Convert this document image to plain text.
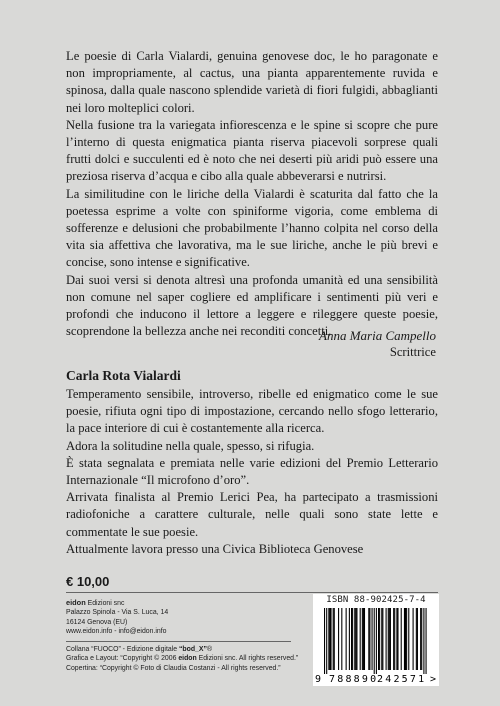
Le poesie di Carla Vialardi, genuina genovese doc, le ho paragonate e non impropriamente, al cactus, una pianta apparentemente ruvida e spinosa, dalla quale nascono splendide varietà di fiori fulgidi, abbaglianti nei loro molteplici colori.

Nella fusione tra la variegata infiorescenza e le spine si scopre che pure l’interno di questa enigmatica pianta riserva piacevoli sorprese quali frutti dolci e succulenti ed è noto che nei deserti più aridi può essere una preziosa riserva d’acqua e cibo alla quale abbeverarsi e nutrirsi.

La similitudine con le liriche della Vialardi è scaturita dal fatto che la poetessa esprime a volte con spiniforme vigoria, come emblema di sofferenze e delusioni che probabilmente l’hanno colpita nel corso della vita sia affettiva che lavorativa, ma le sue liriche, anche le più brevi e concise, sono intense e significative.

Dai suoi versi si denota altresì una profonda umanità ed una sensibilità non comune nel saper cogliere ed amplificare i sentimenti più veri e profondi che inducono il lettore a leggere e rileggere queste poesie, scoprendone la bellezza anche nei reconditi concetti.

Anna Maria Campello
Scrittrice
Carla Rota Vialardi

Temperamento sensibile, introverso, ribelle ed enigmatico come le sue poesie, rifiuta ogni tipo di impostazione, cercando nello sfogo letterario, la pace interiore di cui è costantemente alla ricerca.

Adora la solitudine nella quale, spesso, si rifugia.

È stata segnalata e premiata nelle varie edizioni del Premio Letterario Internazionale “Il microfono d’oro”.

Arrivata finalista al Premio Lerici Pea, ha partecipato a trasmissioni radiofoniche a carattere culturale, nelle quali sono state lette e commentate le sue poesie.

Attualmente lavora presso una Civica Biblioteca Genovese

€ 10,00
eidon Edizioni snc
Palazzo Spinola - Via S. Luca, 14
16124 Genova (EU)
www.eidon.info - info@eidon.info
Collana “FUOCO” - Edizione digitale “bod_X”®
Grafica e Layout: “Copyright © 2006 eidon Edizioni snc. All rights reserved.”
Copertina: “Copyright © Foto di Claudia Costanzi - All rights reserved.”
ISBN 88-902425-7-4
9 788890
242571 >
